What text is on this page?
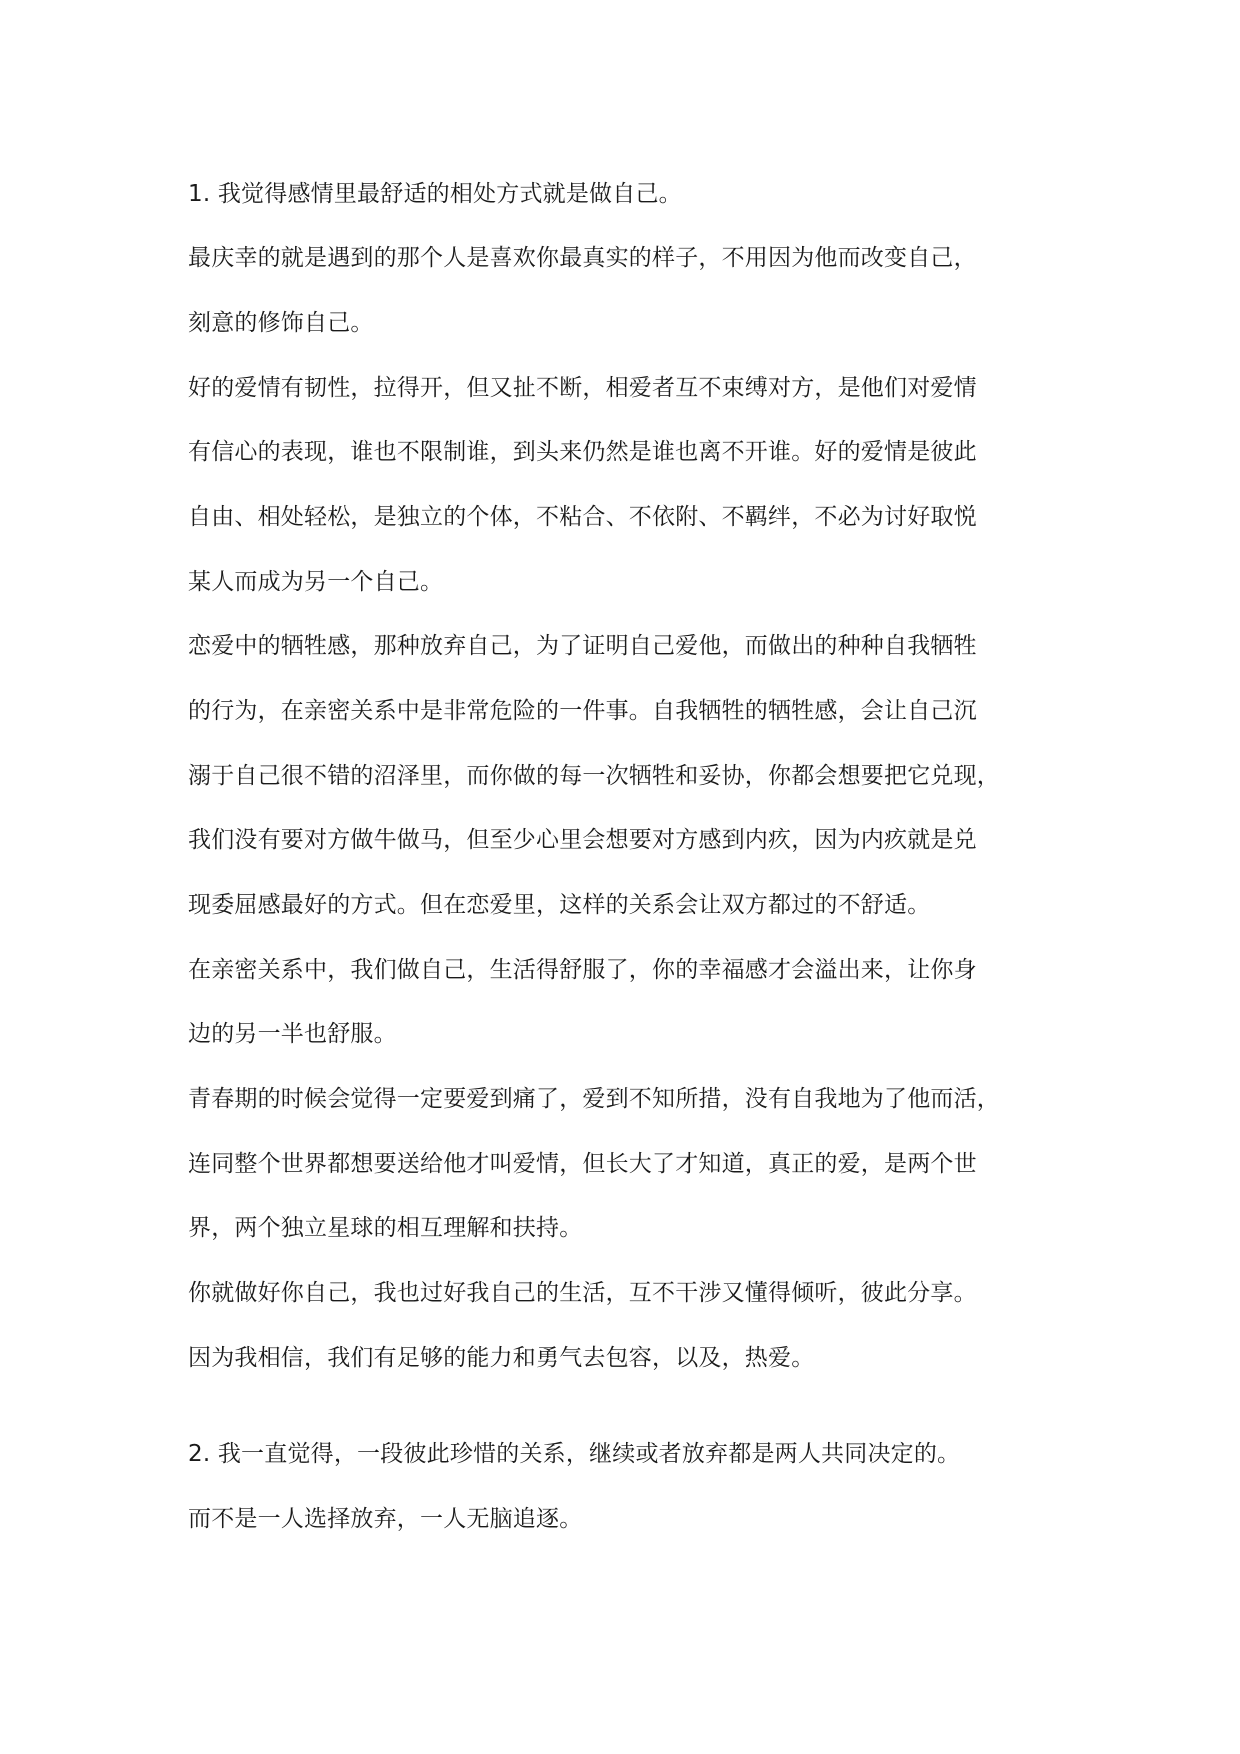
1. 我觉得感情里最舒适的相处方式就是做自己。
最庆幸的就是遇到的那个人是喜欢你最真实的样子，不用因为他而改变自己，
刻意的修饰自己。
好的爱情有韧性，拉得开，但又扯不断，相爱者互不束缚对方，是他们对爱情
有信心的表现，谁也不限制谁，到头来仍然是谁也离不开谁。好的爱情是彼此
自由、相处轻松，是独立的个体，不粘合、不依附、不羁绊，不必为讨好取悦
某人而成为另一个自己。
恋爱中的牺牲感，那种放弃自己，为了证明自己爱他，而做出的种种自我牺牲
的行为，在亲密关系中是非常危险的一件事。自我牺牲的牺牲感，会让自己沉
溺于自己很不错的沼泽里，而你做的每一次牺牲和妥协，你都会想要把它兑现，
我们没有要对方做牛做马，但至少心里会想要对方感到内疚，因为内疚就是兑
现委屈感最好的方式。但在恋爱里，这样的关系会让双方都过的不舒适。
在亲密关系中，我们做自己，生活得舒服了，你的幸福感才会溢出来，让你身
边的另一半也舒服。
青春期的时候会觉得一定要爱到痛了，爱到不知所措，没有自我地为了他而活，
连同整个世界都想要送给他才叫爱情，但长大了才知道，真正的爱，是两个世
界，两个独立星球的相互理解和扶持。
你就做好你自己，我也过好我自己的生活，互不干涉又懂得倾听，彼此分享。
因为我相信，我们有足够的能力和勇气去包容，以及，热爱。
2. 我一直觉得，一段彼此珍惜的关系，继续或者放弃都是两人共同决定的。
而不是一人选择放弃，一人无脑追逐。
